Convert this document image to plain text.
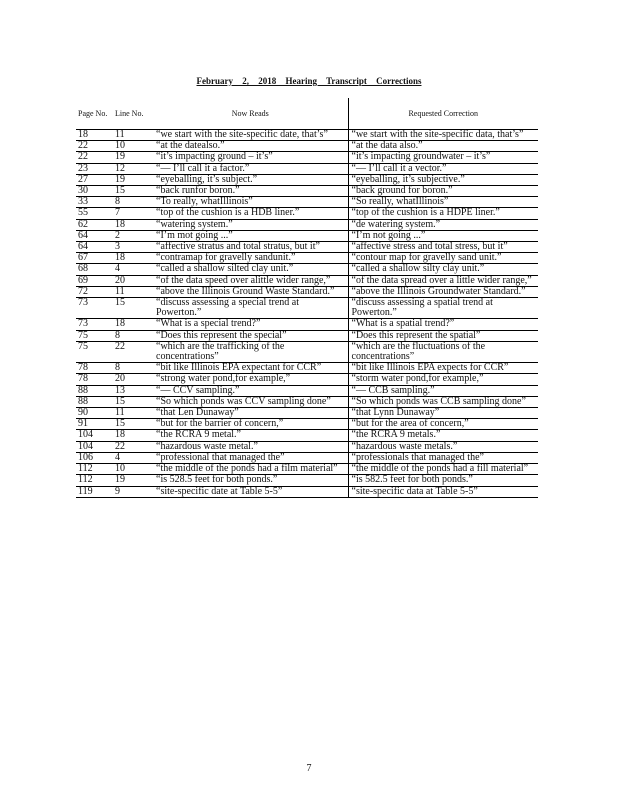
February 2, 2018 Hearing Transcript Corrections
Page No.	Line No.	Now Reads	Requested Correction
18	11	“we start with the site-specific date, that’s”	“we start with the site-specific data, that’s”
22	10	“at the datealso.”	“at the data also.”
22	19	“it’s impacting ground – it’s”	“it’s impacting groundwater – it’s”
23	12	“— I’ll call it a factor.”	“— I’ll call it a vector.”
27	19	“eyeballing, it’s subject.”	“eyeballing, it’s subjective.”
30	15	“back runfor boron.”	“back ground for boron.”
33	8	“To really, whatIllinois”	“So really, whatIllinois”
55	7	“top of the cushion is a HDB liner.”	“top of the cushion is a HDPE liner.”
62	18	“watering system.”	“de watering system.”
64	2	“I’m mot going ...”	“I’m not going ...”
64	3	“affective stratus and total stratus, but it”	“affective stress and total stress, but it”
67	18	“contramap for gravelly sandunit.”	“contour map for gravelly sand unit.”
68	4	“called a shallow silted clay unit.”	“called a shallow silty clay unit.”
69	20	“of the data speed over alittle wider range,”	“of the data spread over a little wider range,”
72	11	“above the Illinois Ground Waste Standard.”	“above the Illinois Groundwater Standard.”
73	15	“discuss assessing a special trend at Powerton.”	“discuss assessing a spatial trend at Powerton.”
73	18	“What is a special trend?”	“What is a spatial trend?”
75	8	“Does this represent the special”	“Does this represent the spatial”
75	22	“which are the trafficking of the concentrations”	“which are the fluctuations of the concentrations”
78	8	“bit like Illinois EPA expectant for CCR”	“bit like Illinois EPA expects for CCR”
78	20	“strong water pond,for example,”	“storm water pond,for example,”
88	13	“— CCV sampling.”	“— CCB sampling.”
88	15	“So which ponds was CCV sampling done”	“So which ponds was CCB sampling done”
90	11	“that Len Dunaway”	“that Lynn Dunaway”
91	15	“but for the barrier of concern,”	“but for the area of concern,”
104	18	“the RCRA 9 metal.”	“the RCRA 9 metals.”
104	22	“hazardous waste metal.”	“hazardous waste metals.”
106	4	“professional that managed the”	“professionals that managed the”
112	10	“the middle of the ponds had a film material”	“the middle of the ponds had a fill material”
112	19	“is 528.5 feet for both ponds.”	“is 582.5 feet for both ponds.”
119	9	“site-specific date at Table 5-5”	“site-specific data at Table 5-5”
7
